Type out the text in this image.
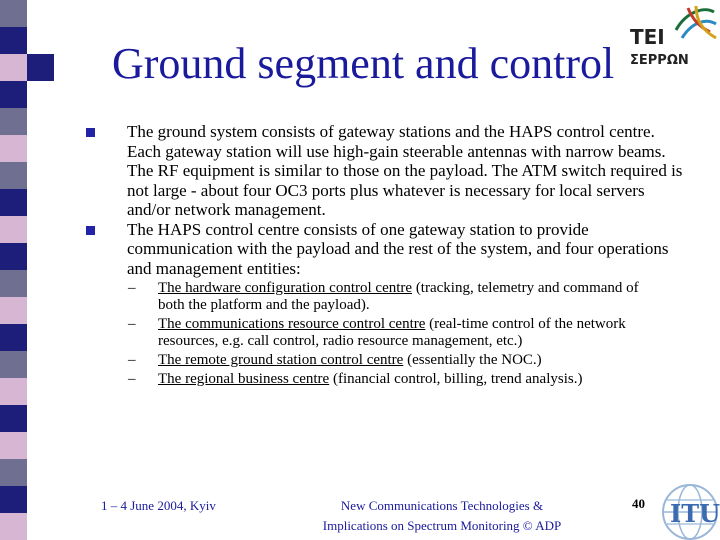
Ground segment and control
TEI
ΣΕΡΡΩΝ
The ground system consists of gateway stations and the HAPS control centre. Each gateway station will use high-gain steerable antennas with narrow beams. The RF equipment is similar to those on the payload. The ATM switch required is not large - about four OC3 ports plus whatever is necessary for local servers and/or network management.
The HAPS control centre consists of one gateway station to provide communication with the payload and the rest of the system, and four operations and management entities:
– The hardware configuration control centre (tracking, telemetry and command of both the platform and the payload).
– The communications resource control centre (real-time control of the network resources, e.g. call control, radio resource management, etc.)
– The remote ground station control centre (essentially the NOC.)
– The regional business centre (financial control, billing, trend analysis.)
1 – 4 June 2004, Kyiv	New Communications Technologies &
Implications on Spectrum Monitoring © ADP
40 ITU
